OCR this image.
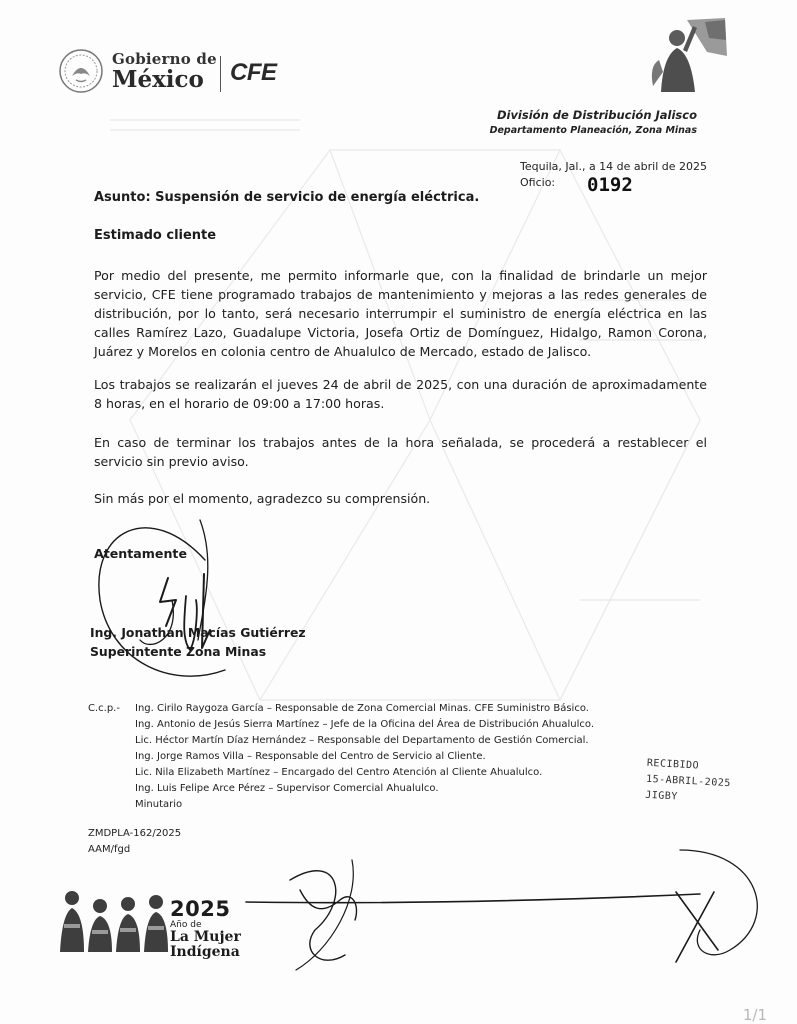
Gobierno de
México CFE
División de Distribución Jalisco
Departamento Planeación, Zona Minas
Tequila, Jal., a 14 de abril de 2025
Oficio: 0192
Asunto: Suspensión de servicio de energía eléctrica.
Estimado cliente
Por medio del presente, me permito informarle que, con la finalidad de brindarle un mejor servicio, CFE tiene programado trabajos de mantenimiento y mejoras a las redes generales de distribución, por lo tanto, será necesario interrumpir el suministro de energía eléctrica en las calles Ramírez Lazo, Guadalupe Victoria, Josefa Ortiz de Domínguez, Hidalgo, Ramon Corona, Juárez y Morelos en colonia centro de Ahualulco de Mercado, estado de Jalisco.
Los trabajos se realizarán el jueves 24 de abril de 2025, con una duración de aproximadamente 8 horas, en el horario de 09:00 a 17:00 horas.
En caso de terminar los trabajos antes de la hora señalada, se procederá a restablecer el servicio sin previo aviso.
Sin más por el momento, agradezco su comprensión.
Atentamente
Ing. Jonathan Macías Gutiérrez
Superintente Zona Minas
C.c.p.- Ing. Cirilo Raygoza García – Responsable de Zona Comercial Minas. CFE Suministro Básico.
Ing. Antonio de Jesús Sierra Martínez – Jefe de la Oficina del Área de Distribución Ahualulco.
Lic. Héctor Martín Díaz Hernández – Responsable del Departamento de Gestión Comercial.
Ing. Jorge Ramos Villa – Responsable del Centro de Servicio al Cliente.
Lic. Nila Elizabeth Martínez – Encargado del Centro Atención al Cliente Ahualulco.
Ing. Luis Felipe Arce Pérez – Supervisor Comercial Ahualulco.
Minutario
RECIBIDO
15-ABRIL-2025
JIGBY
ZMDPLA-162/2025
AAM/fgd
2025
Año de
La Mujer
Indígena
1/1
